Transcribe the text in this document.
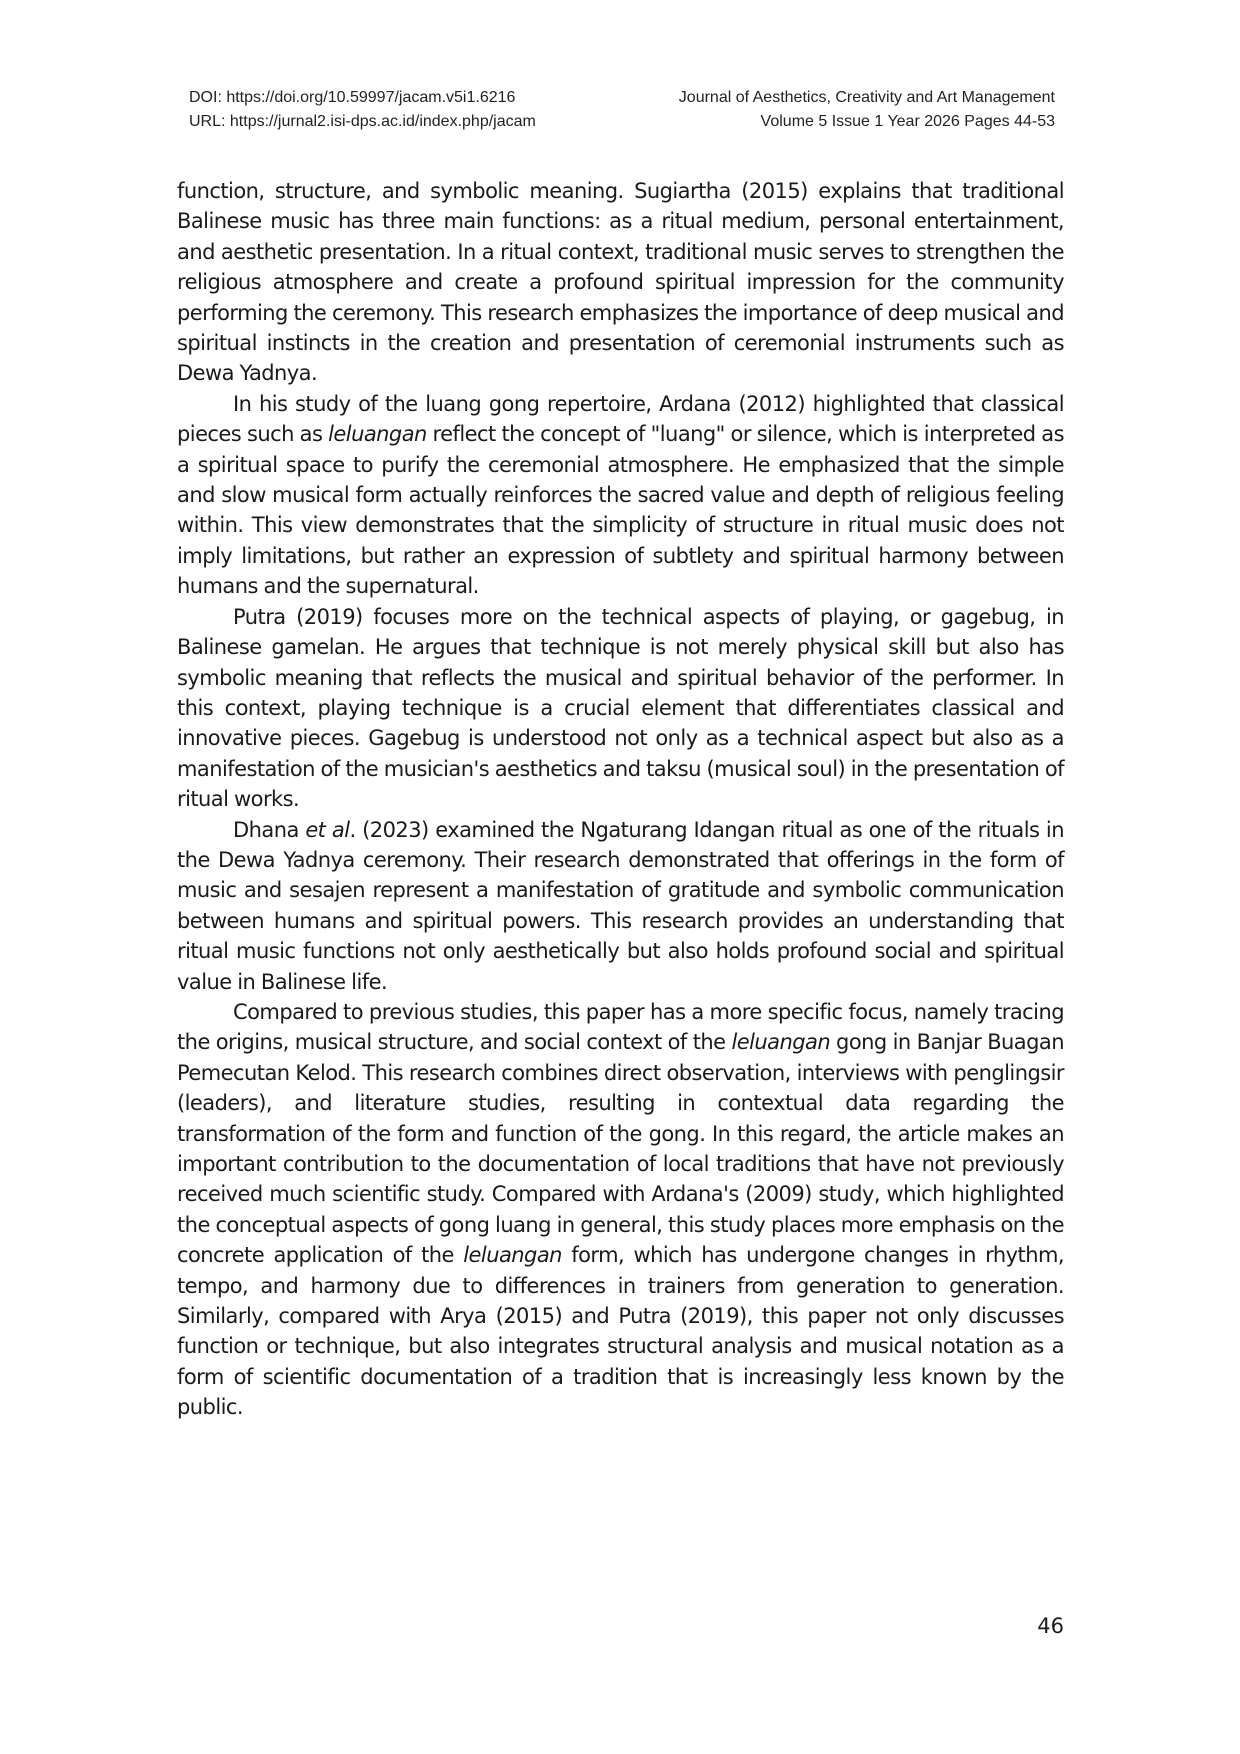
DOI: https://doi.org/10.59997/jacam.v5i1.6216
URL: https://jurnal2.isi-dps.ac.id/index.php/jacam
Journal of Aesthetics, Creativity and Art Management
Volume 5 Issue 1 Year 2026 Pages 44-53

function, structure, and symbolic meaning. Sugiartha (2015) explains that traditional Balinese music has three main functions: as a ritual medium, personal entertainment, and aesthetic presentation. In a ritual context, traditional music serves to strengthen the religious atmosphere and create a profound spiritual impression for the community performing the ceremony. This research emphasizes the importance of deep musical and spiritual instincts in the creation and presentation of ceremonial instruments such as Dewa Yadnya.

In his study of the luang gong repertoire, Ardana (2012) highlighted that classical pieces such as leluangan reflect the concept of "luang" or silence, which is interpreted as a spiritual space to purify the ceremonial atmosphere. He emphasized that the simple and slow musical form actually reinforces the sacred value and depth of religious feeling within. This view demonstrates that the simplicity of structure in ritual music does not imply limitations, but rather an expression of subtlety and spiritual harmony between humans and the supernatural.

Putra (2019) focuses more on the technical aspects of playing, or gagebug, in Balinese gamelan. He argues that technique is not merely physical skill but also has symbolic meaning that reflects the musical and spiritual behavior of the performer. In this context, playing technique is a crucial element that differentiates classical and innovative pieces. Gagebug is understood not only as a technical aspect but also as a manifestation of the musician's aesthetics and taksu (musical soul) in the presentation of ritual works.

Dhana et al. (2023) examined the Ngaturang Idangan ritual as one of the rituals in the Dewa Yadnya ceremony. Their research demonstrated that offerings in the form of music and sesajen represent a manifestation of gratitude and symbolic communication between humans and spiritual powers. This research provides an understanding that ritual music functions not only aesthetically but also holds profound social and spiritual value in Balinese life.

Compared to previous studies, this paper has a more specific focus, namely tracing the origins, musical structure, and social context of the leluangan gong in Banjar Buagan Pemecutan Kelod. This research combines direct observation, interviews with penglingsir (leaders), and literature studies, resulting in contextual data regarding the transformation of the form and function of the gong. In this regard, the article makes an important contribution to the documentation of local traditions that have not previously received much scientific study. Compared with Ardana's (2009) study, which highlighted the conceptual aspects of gong luang in general, this study places more emphasis on the concrete application of the leluangan form, which has undergone changes in rhythm, tempo, and harmony due to differences in trainers from generation to generation. Similarly, compared with Arya (2015) and Putra (2019), this paper not only discusses function or technique, but also integrates structural analysis and musical notation as a form of scientific documentation of a tradition that is increasingly less known by the public.

46
